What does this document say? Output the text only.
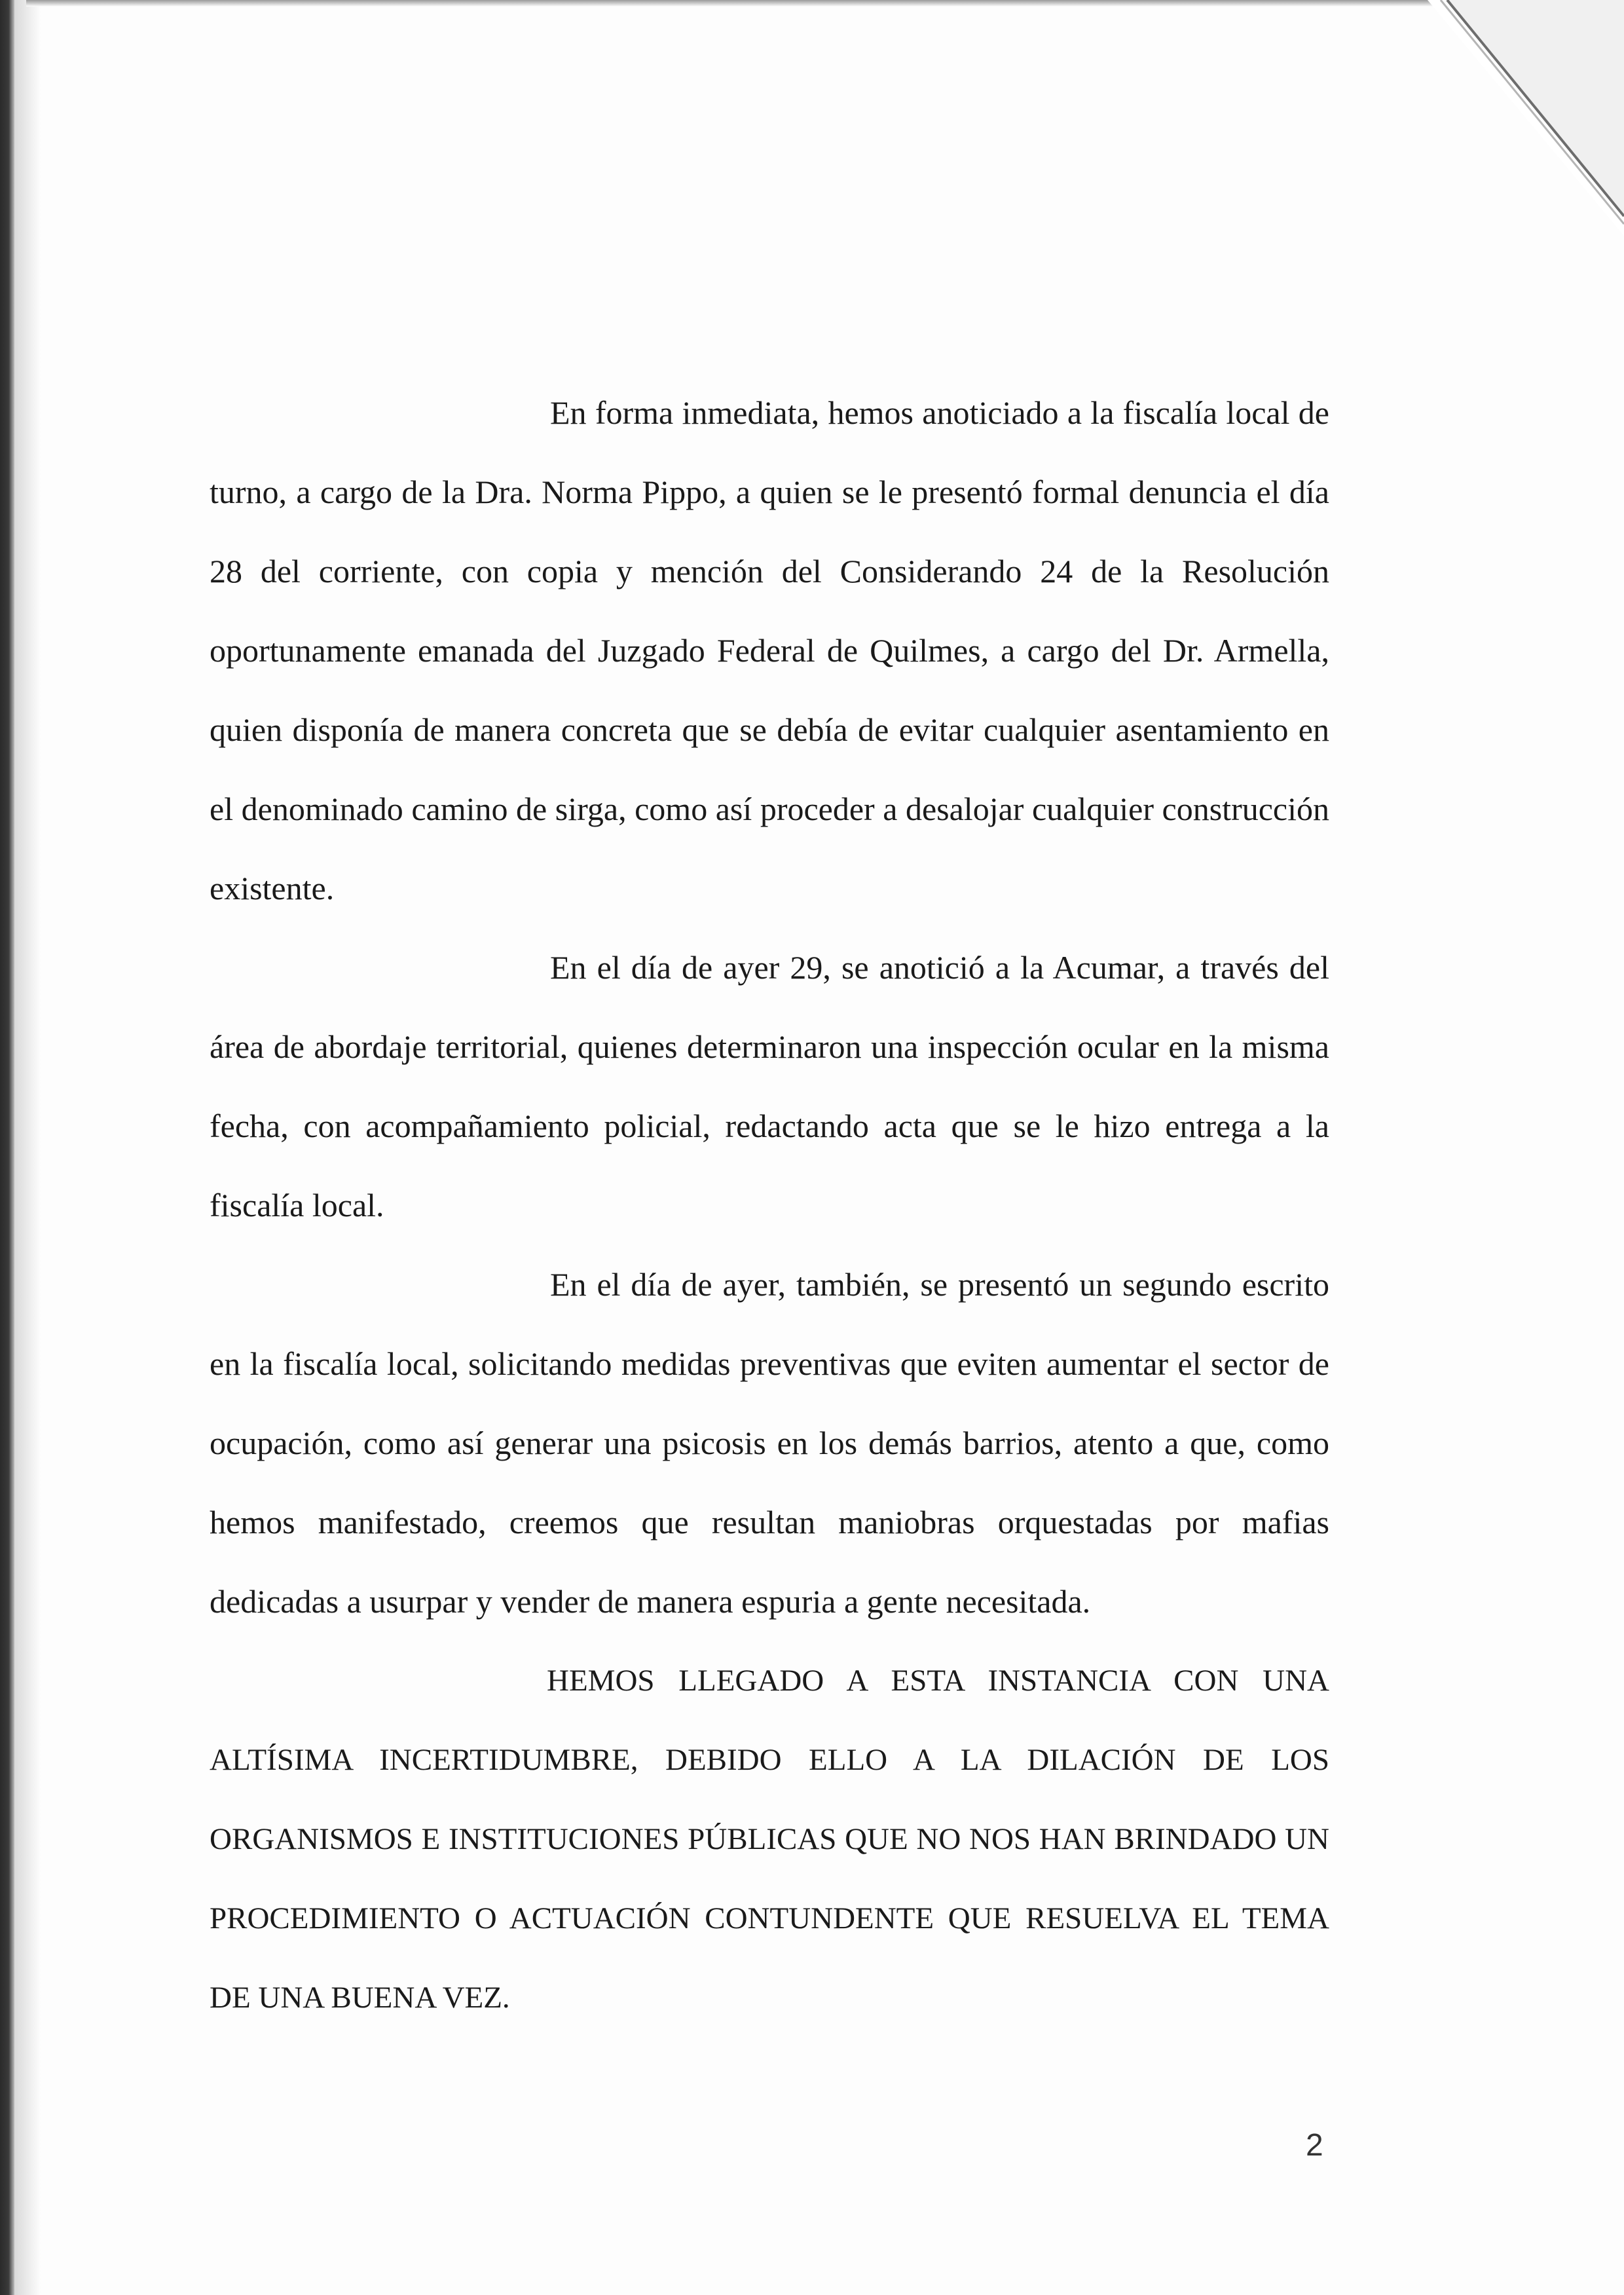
En forma inmediata, hemos anoticiado a la fiscalía local de turno, a cargo de la Dra. Norma Pippo, a quien se le presentó formal denuncia el día 28 del corriente, con copia y mención del Considerando 24 de la Resolución oportunamente emanada del Juzgado Federal de Quilmes, a cargo del Dr. Armella, quien disponía de manera concreta que se debía de evitar cualquier asentamiento en el denominado camino de sirga, como así proceder a desalojar cualquier construcción existente.

En el día de ayer 29, se anotició a la Acumar, a través del área de abordaje territorial, quienes determinaron una inspección ocular en la misma fecha, con acompañamiento policial, redactando acta que se le hizo entrega a la fiscalía local.

En el día de ayer, también, se presentó un segundo escrito en la fiscalía local, solicitando medidas preventivas que eviten aumentar el sector de ocupación, como así generar una psicosis en los demás barrios, atento a que, como hemos manifestado, creemos que resultan maniobras orquestadas por mafias dedicadas a usurpar y vender de manera espuria a gente necesitada.

HEMOS LLEGADO A ESTA INSTANCIA CON UNA ALTÍSIMA INCERTIDUMBRE, DEBIDO ELLO A LA DILACIÓN DE LOS ORGANISMOS E INSTITUCIONES PÚBLICAS QUE NO NOS HAN BRINDADO UN PROCEDIMIENTO O ACTUACIÓN CONTUNDENTE QUE RESUELVA EL TEMA DE UNA BUENA VEZ.

2
